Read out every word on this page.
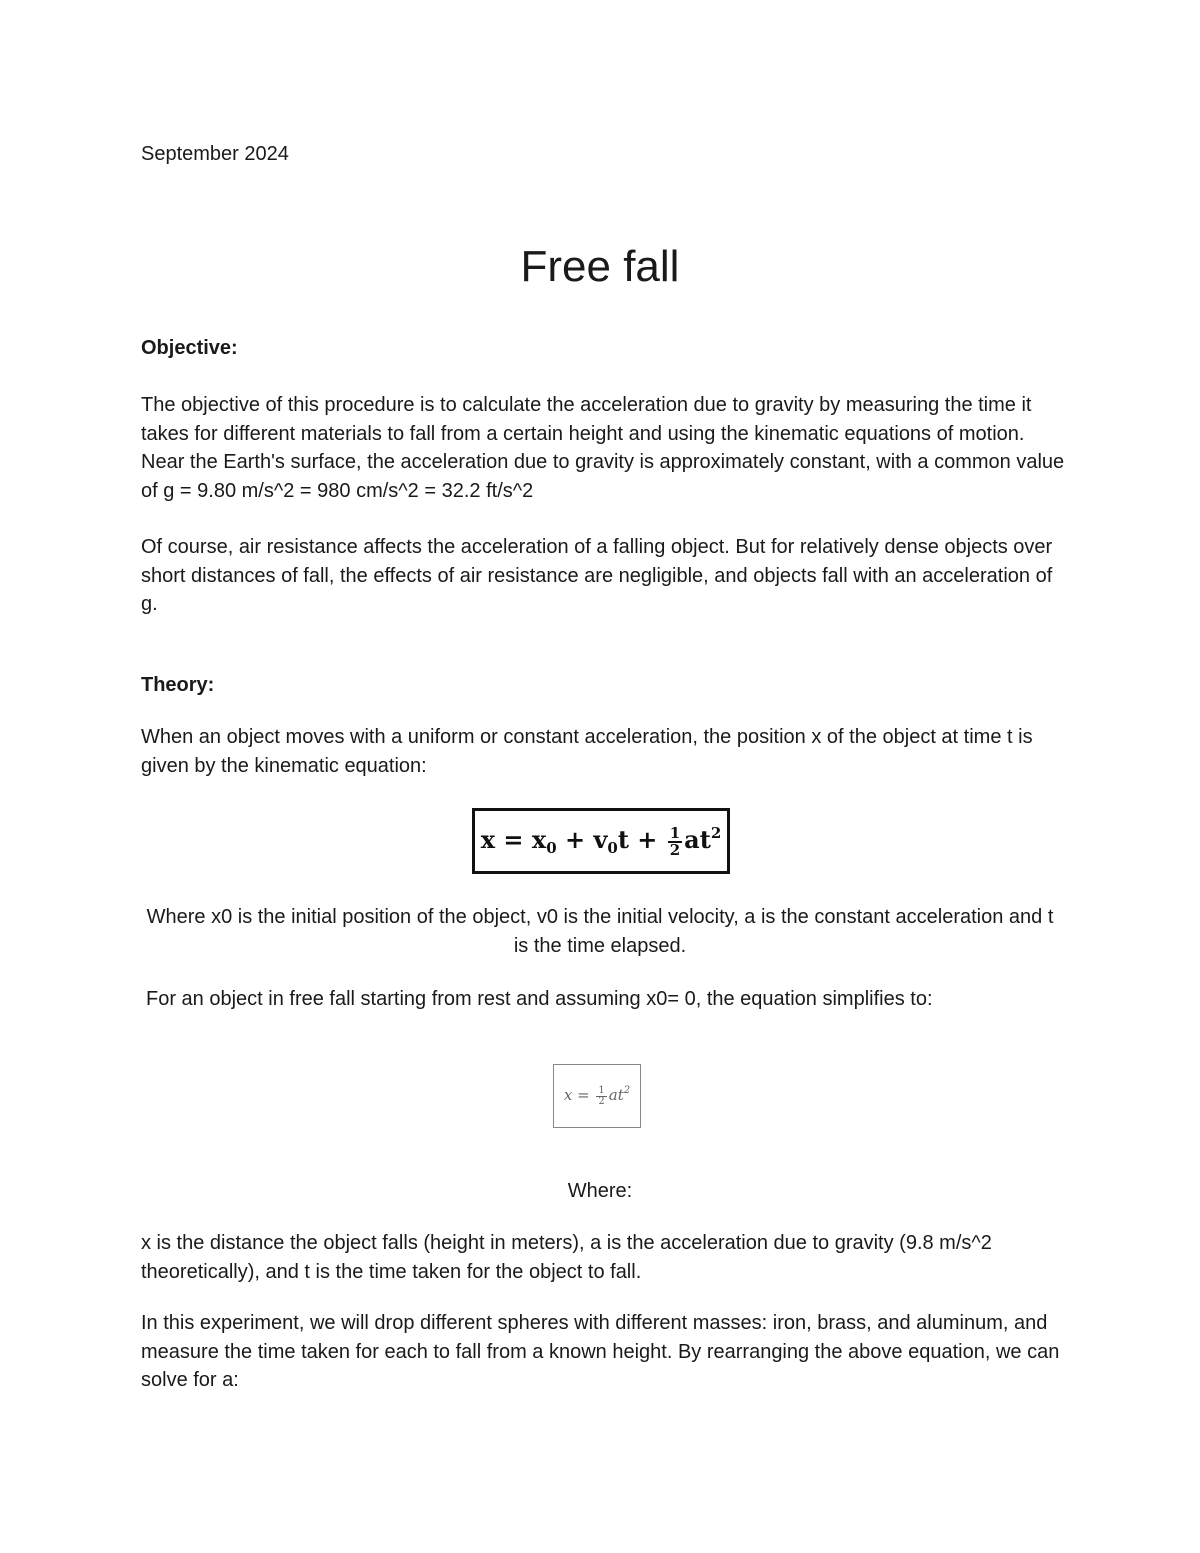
September 2024

Free fall

Objective:

The objective of this procedure is to calculate the acceleration due to gravity by measuring the time it takes for different materials to fall from a certain height and using the kinematic equations of motion. Near the Earth's surface, the acceleration due to gravity is approximately constant, with a common value of g = 9.80 m/s^2 = 980 cm/s^2 = 32.2 ft/s^2

Of course, air resistance affects the acceleration of a falling object. But for relatively dense objects over short distances of fall, the effects of air resistance are negligible, and objects fall with an acceleration of g.

Theory:

When an object moves with a uniform or constant acceleration, the position x of the object at time t is given by the kinematic equation:

$x = x_0 + v_0t + \frac{1}{2} at^2$

Where x0 is the initial position of the object, v0 is the initial velocity, a is the constant acceleration and t is the time elapsed.

For an object in free fall starting from rest and assuming x0= 0, the equation simplifies to:

$x = \frac{1}{2} at^2$

Where:

x is the distance the object falls (height in meters), a is the acceleration due to gravity (9.8 m/s^2 theoretically), and t is the time taken for the object to fall.

In this experiment, we will drop different spheres with different masses: iron, brass, and aluminum, and measure the time taken for each to fall from a known height. By rearranging the above equation, we can solve for a:
